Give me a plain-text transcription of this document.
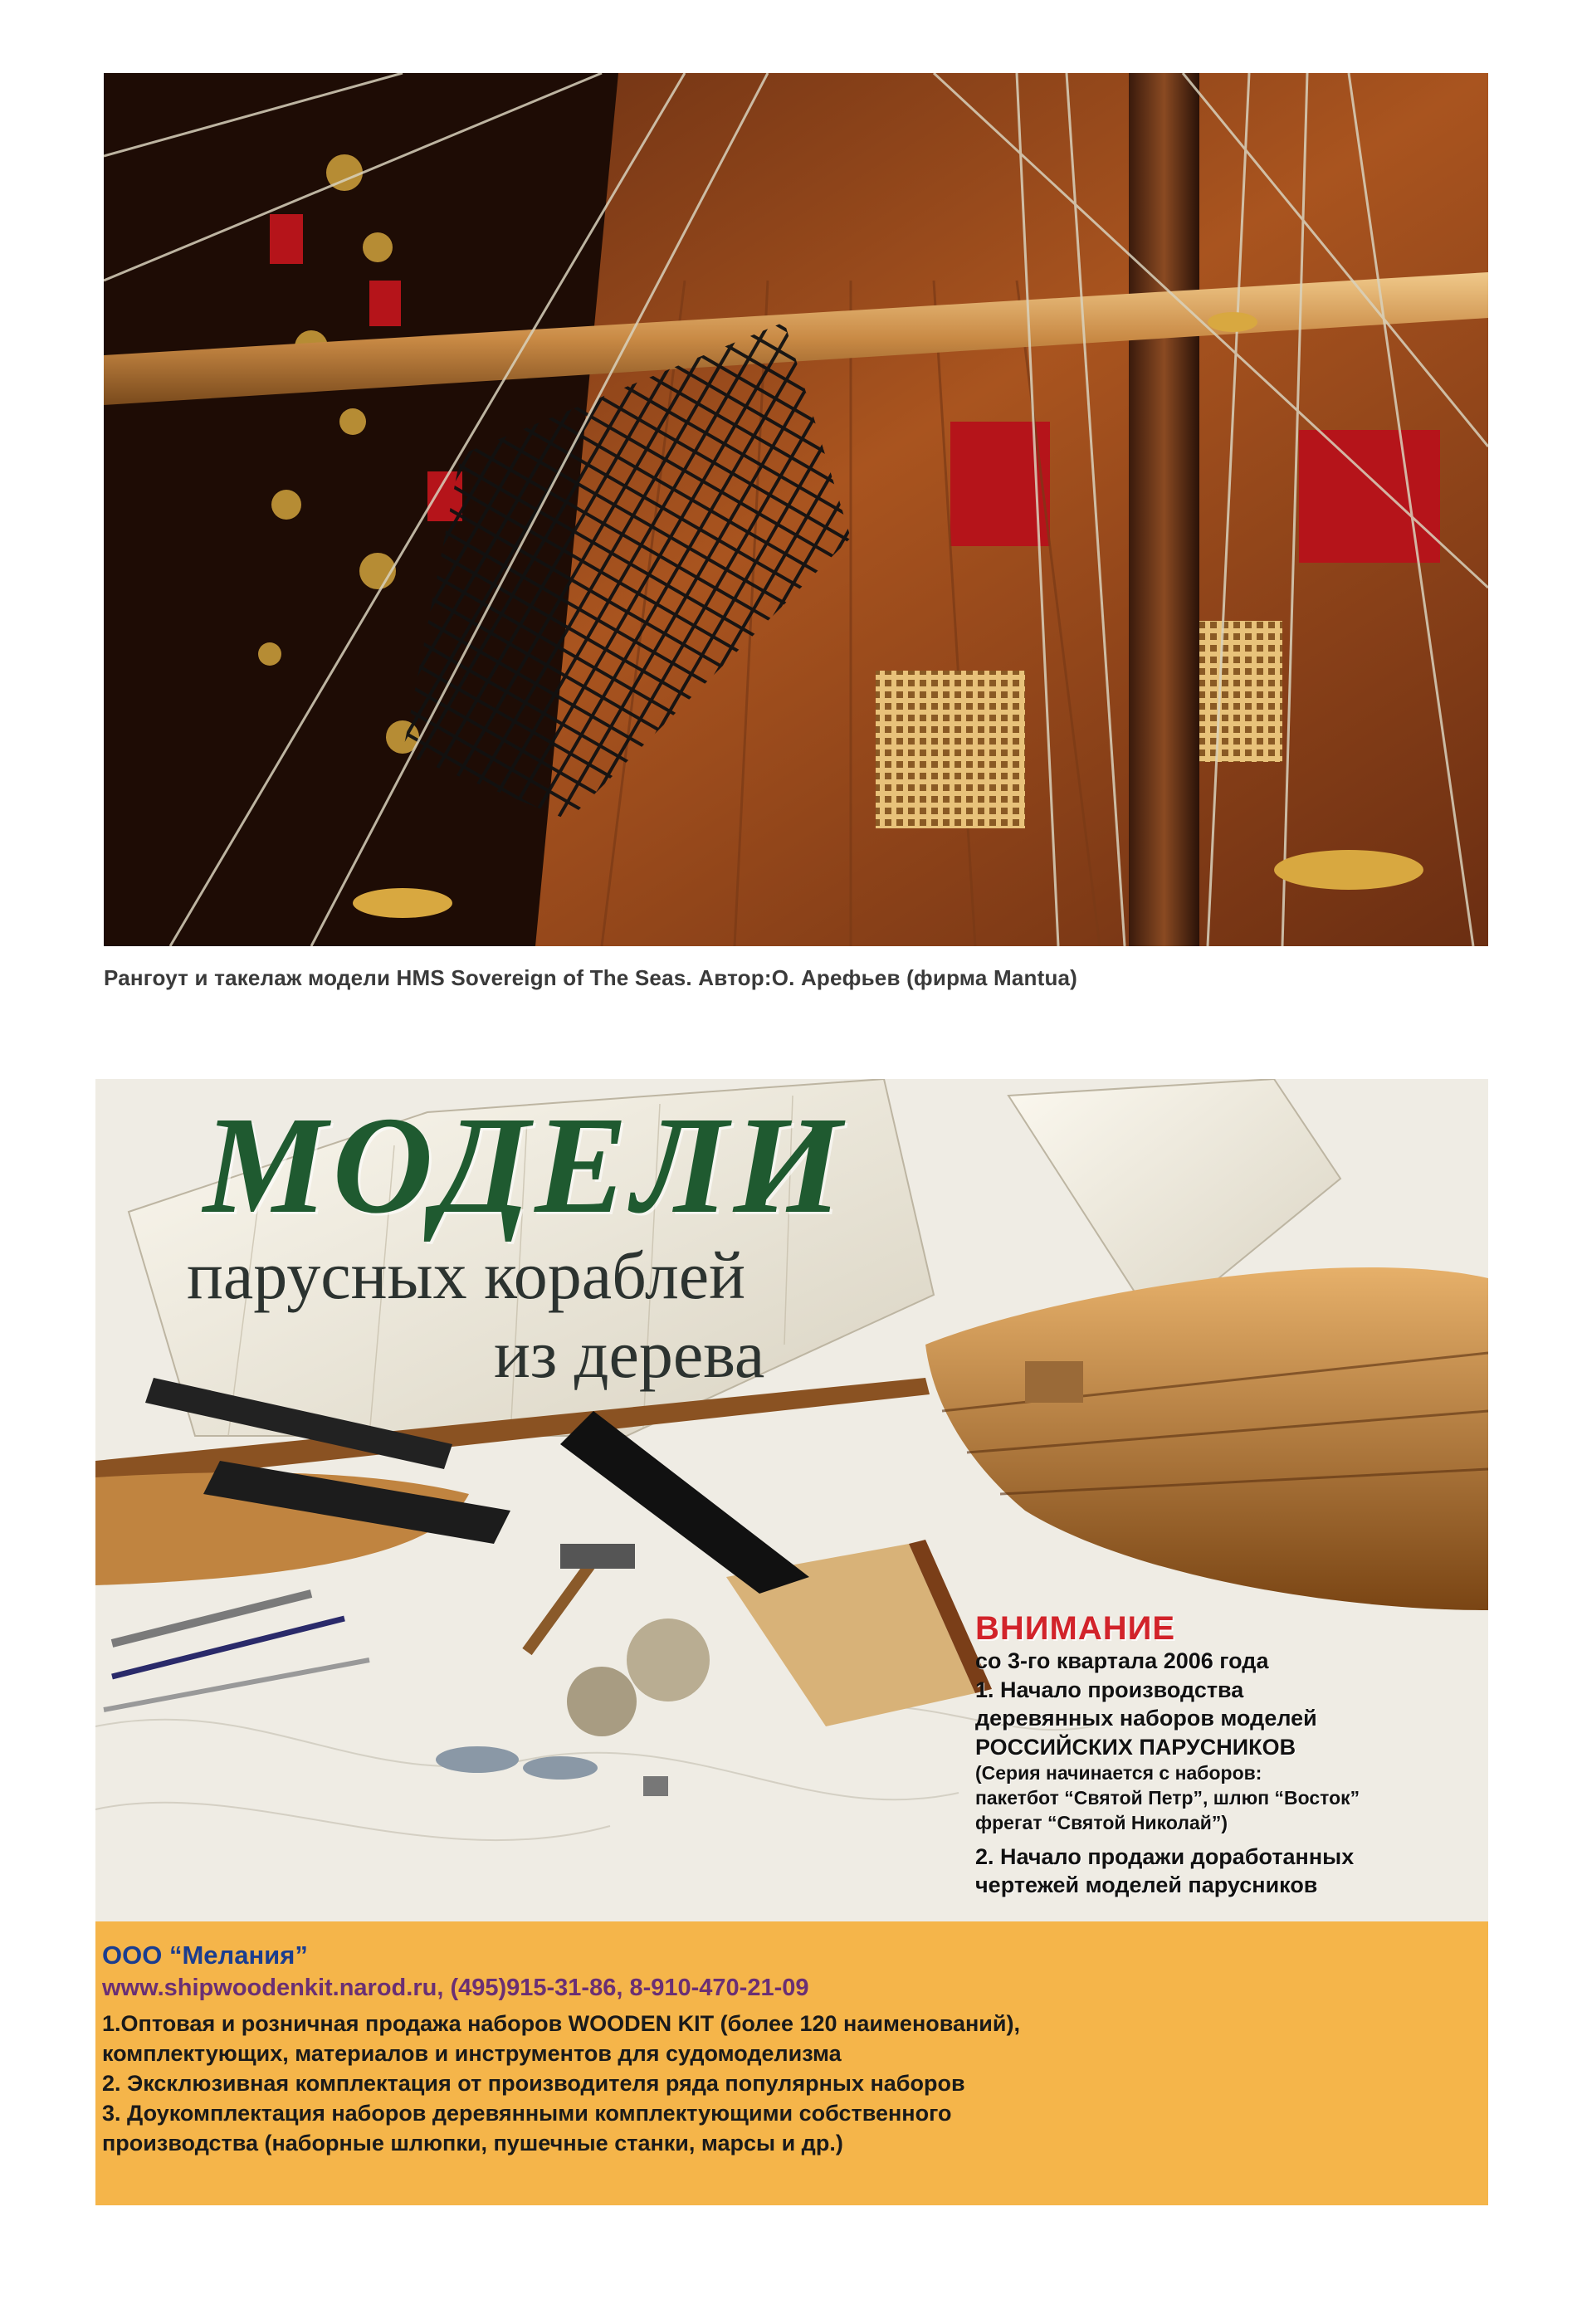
Рангоут и такелаж модели HMS Sovereign of The Seas. Автор:О. Арефьев (фирма Mantua)
МОДЕЛИ
парусных кораблей
из дерева
ВНИМАНИЕ
со 3-го квартала 2006 года
1. Начало производства
деревянных наборов моделей
РОССИЙСКИХ ПАРУСНИКОВ
(Серия начинается с наборов:
пакетбот “Святой Петр”, шлюп “Восток”
фрегат “Святой Николай”)
2. Начало продажи доработанных
чертежей моделей парусников
ООО “Мелания”
www.shipwoodenkit.narod.ru, (495)915-31-86, 8-910-470-21-09
1.Оптовая и розничная продажа наборов WOODEN KIT (более 120 наименований),
комплектующих, материалов и инструментов для судомоделизма
2. Эксклюзивная комплектация от производителя ряда популярных наборов
3. Доукомплектация наборов деревянными комплектующими собственного
производства (наборные шлюпки, пушечные станки, марсы и др.)
